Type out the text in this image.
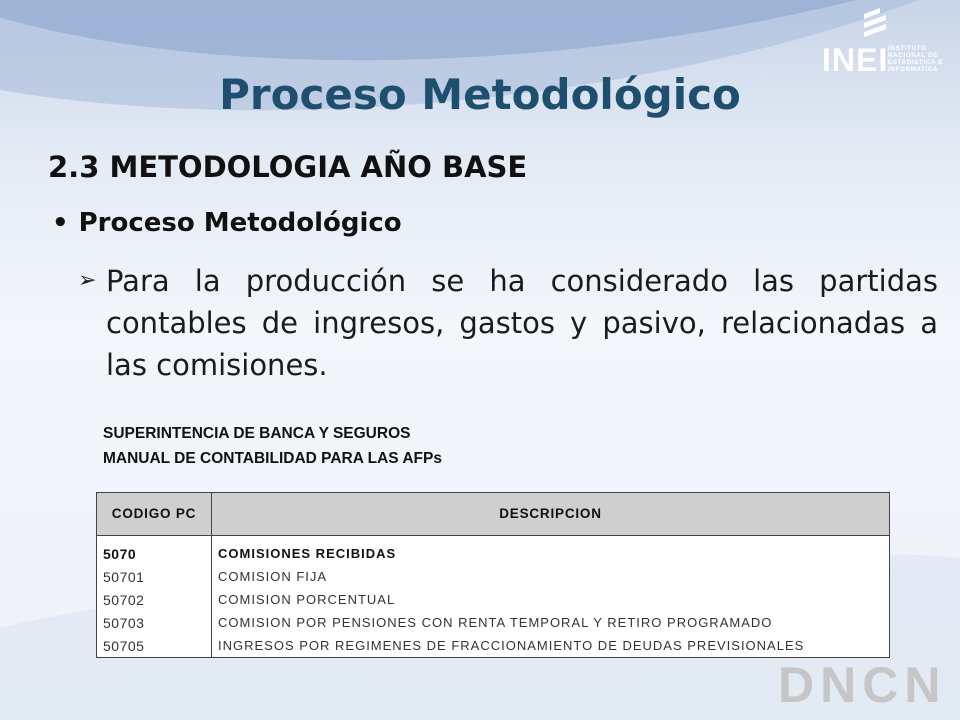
INEI INSTITUTO
NACIONAL DE
ESTADISTICA E
INFORMATICA
Proceso Metodológico
2.3 METODOLOGIA AÑO BASE
• Proceso Metodológico
➢ Para la producción se ha considerado las partidas contables de ingresos, gastos y pasivo, relacionadas a las comisiones.
SUPERINTENCIA DE BANCA Y SEGUROS
MANUAL DE CONTABILIDAD PARA LAS AFPs
CODIGO PC	DESCRIPCION
5070	COMISIONES RECIBIDAS
50701	COMISION FIJA
50702	COMISION PORCENTUAL
50703	COMISION POR PENSIONES CON RENTA TEMPORAL Y RETIRO PROGRAMADO
50705	INGRESOS POR REGIMENES DE FRACCIONAMIENTO DE DEUDAS PREVISIONALES
DNCN
